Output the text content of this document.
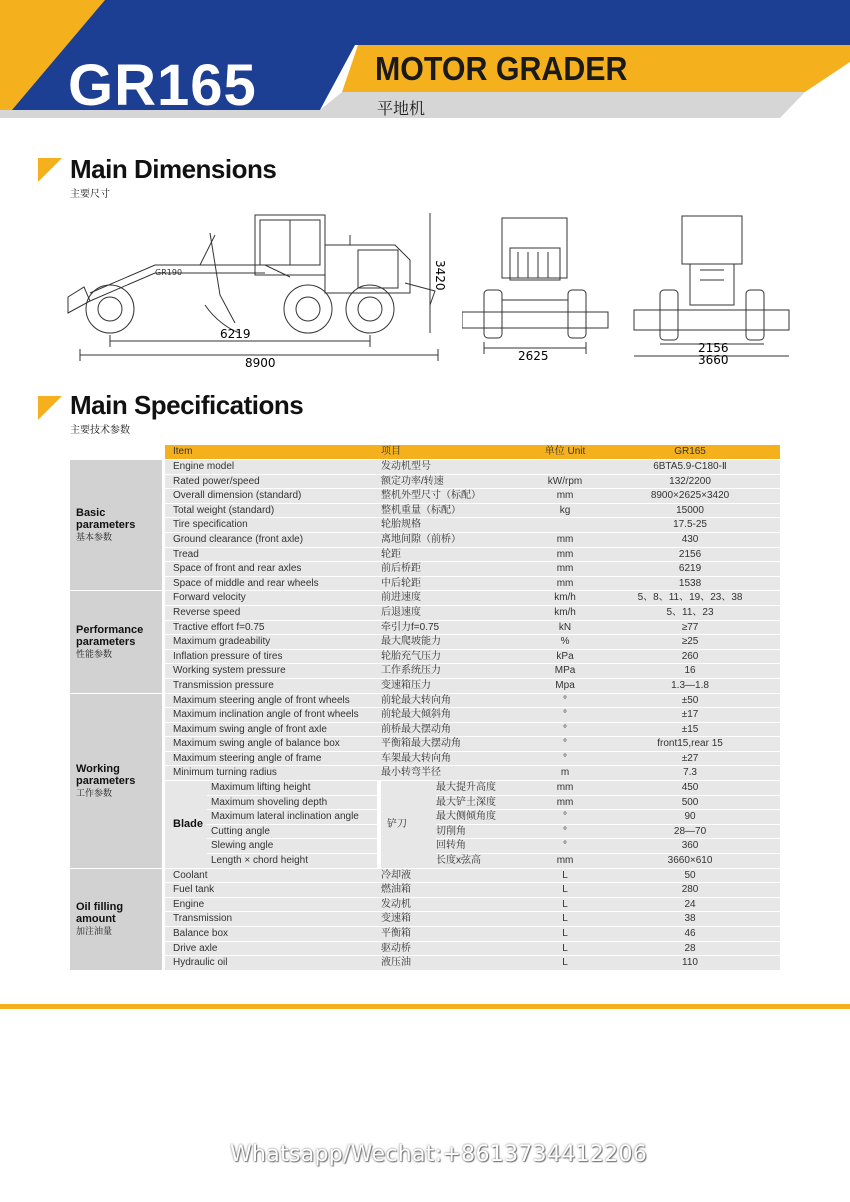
GR165	MOTOR GRADER
平地机
Main Dimensions
主要尺寸
GR190
6219
8900
3420
2625
2156
3660
Main Specifications
主要技术参数
		Item			项目		单位 Unit	GR165

Basic parameters
基本参数		Engine model			发动机型号			6BTA5.9-C180-Ⅱ
		Rated power/speed			额定功率/转速		kW/rpm	132/2200
		Overall dimension (standard)			整机外型尺寸（标配）		mm	8900×2625×3420
		Total weight (standard)			整机重量（标配）		kg	15000
		Tire specification			轮胎规格			17.5-25
		Ground clearance (front axle)			离地间隙（前桥）		mm	430
		Tread			轮距		mm	2156
		Space of front and rear axles			前后桥距		mm	6219
		Space of middle and rear wheels			中后轮距		mm	1538

Performance parameters
性能参数		Forward velocity			前进速度		km/h	5、8、11、19、23、38
		Reverse speed			后退速度		km/h	5、11、23
		Tractive effort f=0.75			牵引力f=0.75		kN	≥77
		Maximum gradeability			最大爬坡能力		%	≥25
		Inflation pressure of tires			轮胎充气压力		kPa	260
		Working system pressure			工作系统压力		MPa	16
		Transmission pressure			变速箱压力		Mpa	1.3—1.8

Working parameters
工作参数		Maximum steering angle of front wheels			前轮最大转向角		°	±50
		Maximum inclination angle of front wheels			前轮最大倾斜角		°	±17
		Maximum swing angle of front axle			前桥最大摆动角		°	±15
		Maximum swing angle of balance box			平衡箱最大摆动角		°	front15,rear 15
		Maximum steering angle of frame			车架最大转向角		°	±27
		Minimum turning radius			最小转弯半径		m	7.3
		Blade	Maximum lifting height		铲刀	最大提升高度	mm	450
			Maximum shoveling depth			最大铲土深度	mm	500
			Maximum lateral inclination angle			最大侧倾角度	°	90
			Cutting angle			切削角	°	28—70
			Slewing angle			回转角	°	360
			Length × chord height			长度x弦高	mm	3660×610

Oil filling amount
加注油量		Coolant			冷却液		L	50
		Fuel tank			燃油箱		L	280
		Engine			发动机		L	24
		Transmission			变速箱		L	38
		Balance box			平衡箱		L	46
		Drive axle			驱动桥		L	28
		Hydraulic oil			液压油		L	110
Whatsapp/Wechat:+8613734412206
